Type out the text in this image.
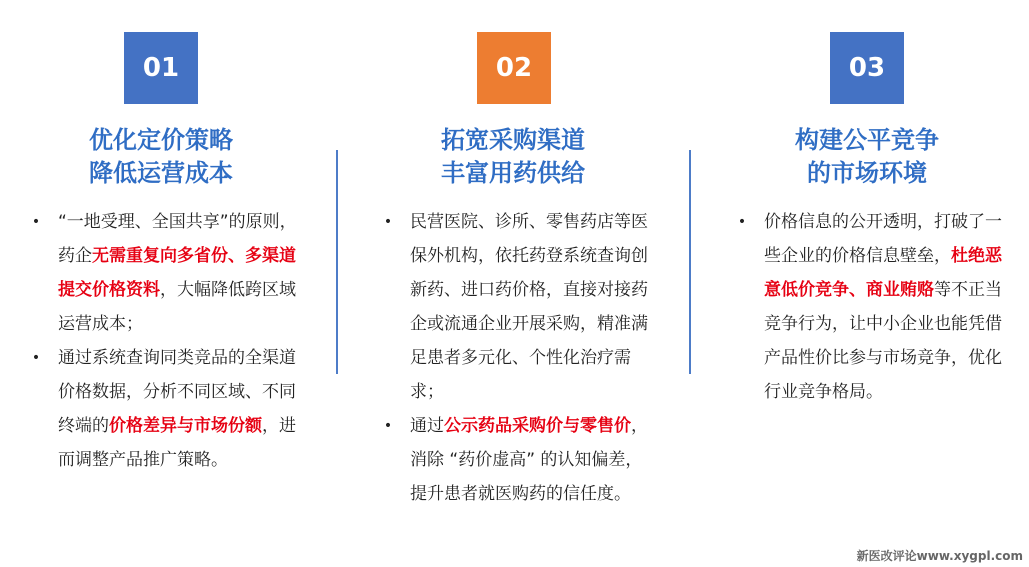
01
优化定价策略
降低运营成本
• “一地受理、全国共享”的原则，药企无需重复向多省份、多渠道提交价格资料，大幅降低跨区域运营成本；
• 通过系统查询同类竞品的全渠道价格数据，分析不同区域、不同终端的价格差异与市场份额，进而调整产品推广策略。
02
拓宽采购渠道
丰富用药供给
• 民营医院、诊所、零售药店等医保外机构，依托药登系统查询创新药、进口药价格，直接对接药企或流通企业开展采购，精准满足患者多元化、个性化治疗需求；
• 通过公示药品采购价与零售价，消除 “药价虚高” 的认知偏差，提升患者就医购药的信任度。
03
构建公平竞争
的市场环境
• 价格信息的公开透明，打破了一些企业的价格信息壁垒，杜绝恶意低价竞争、商业贿赂等不正当竞争行为，让中小企业也能凭借产品性价比参与市场竞争，优化行业竞争格局。
新医改评论www.xygpl.com
